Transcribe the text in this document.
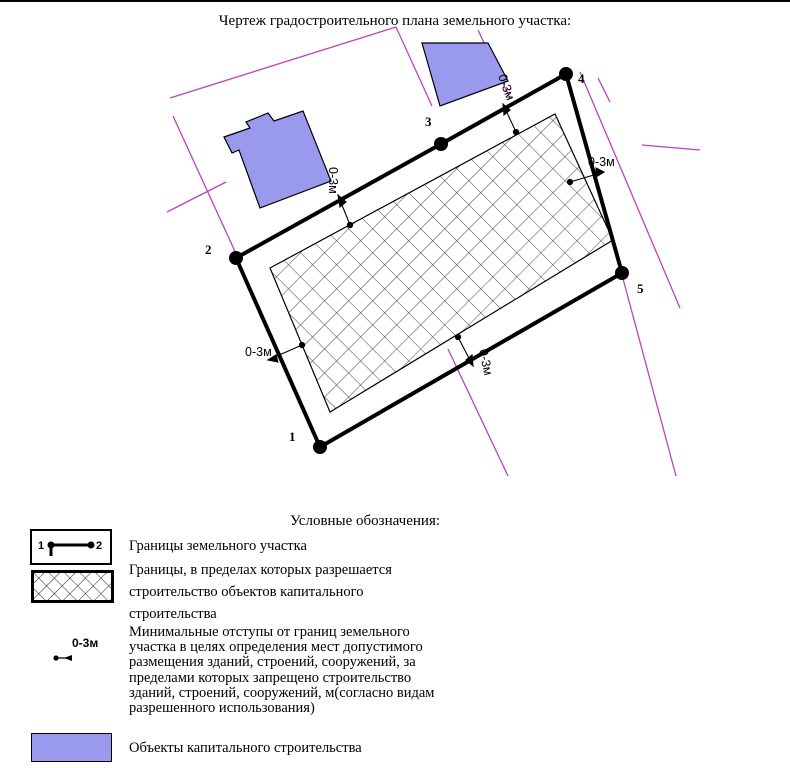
Чертеж градостроительного плана земельного участка:
1
2
3
4
5
0-3м
0-3м
0-3м
0-3м	0-3м
Условные обозначения:
1	2 Границы земельного участка
Границы, в пределах которых разрешается
строительство объектов капитального
строительства
0-3м
Минимальные отступы от границ земельного
участка в целях определения мест допустимого
размещения зданий, строений, сооружений, за
пределами которых запрещено строительство
зданий, строений, сооружений, м(согласно видам
разрешенного использования)
Объекты капитального строительства
